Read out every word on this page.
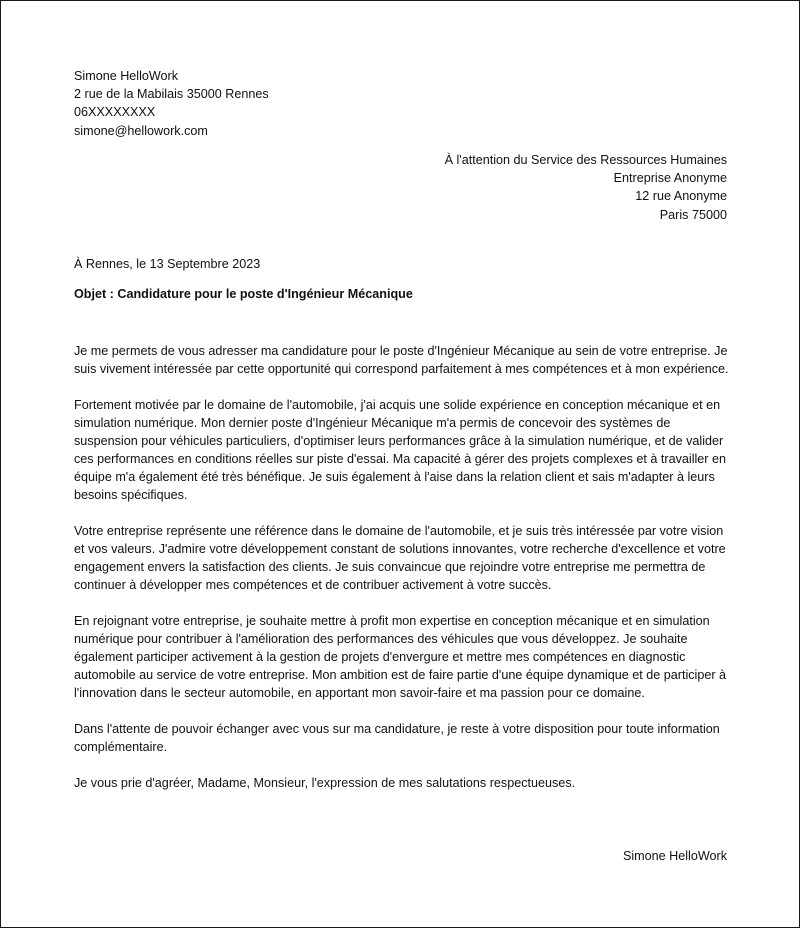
Simone HelloWork
2 rue de la Mabilais 35000 Rennes
06XXXXXXXX
simone@hellowork.com
À l'attention du Service des Ressources Humaines
Entreprise Anonyme
12 rue Anonyme
Paris 75000
À Rennes, le 13 Septembre 2023
Objet : Candidature pour le poste d'Ingénieur Mécanique

Je me permets de vous adresser ma candidature pour le poste d'Ingénieur Mécanique au sein de votre entreprise. Je suis vivement intéressée par cette opportunité qui correspond parfaitement à mes compétences et à mon expérience.

Fortement motivée par le domaine de l'automobile, j'ai acquis une solide expérience en conception mécanique et en simulation numérique. Mon dernier poste d'Ingénieur Mécanique m'a permis de concevoir des systèmes de suspension pour véhicules particuliers, d'optimiser leurs performances grâce à la simulation numérique, et de valider ces performances en conditions réelles sur piste d'essai. Ma capacité à gérer des projets complexes et à travailler en équipe m'a également été très bénéfique. Je suis également à l'aise dans la relation client et sais m'adapter à leurs besoins spécifiques.

Votre entreprise représente une référence dans le domaine de l'automobile, et je suis très intéressée par votre vision et vos valeurs. J'admire votre développement constant de solutions innovantes, votre recherche d'excellence et votre engagement envers la satisfaction des clients. Je suis convaincue que rejoindre votre entreprise me permettra de continuer à développer mes compétences et de contribuer activement à votre succès.

En rejoignant votre entreprise, je souhaite mettre à profit mon expertise en conception mécanique et en simulation numérique pour contribuer à l'amélioration des performances des véhicules que vous développez. Je souhaite également participer activement à la gestion de projets d'envergure et mettre mes compétences en diagnostic automobile au service de votre entreprise. Mon ambition est de faire partie d'une équipe dynamique et de participer à l'innovation dans le secteur automobile, en apportant mon savoir-faire et ma passion pour ce domaine.

Dans l'attente de pouvoir échanger avec vous sur ma candidature, je reste à votre disposition pour toute information complémentaire.

Je vous prie d'agréer, Madame, Monsieur, l'expression de mes salutations respectueuses.

Simone HelloWork
